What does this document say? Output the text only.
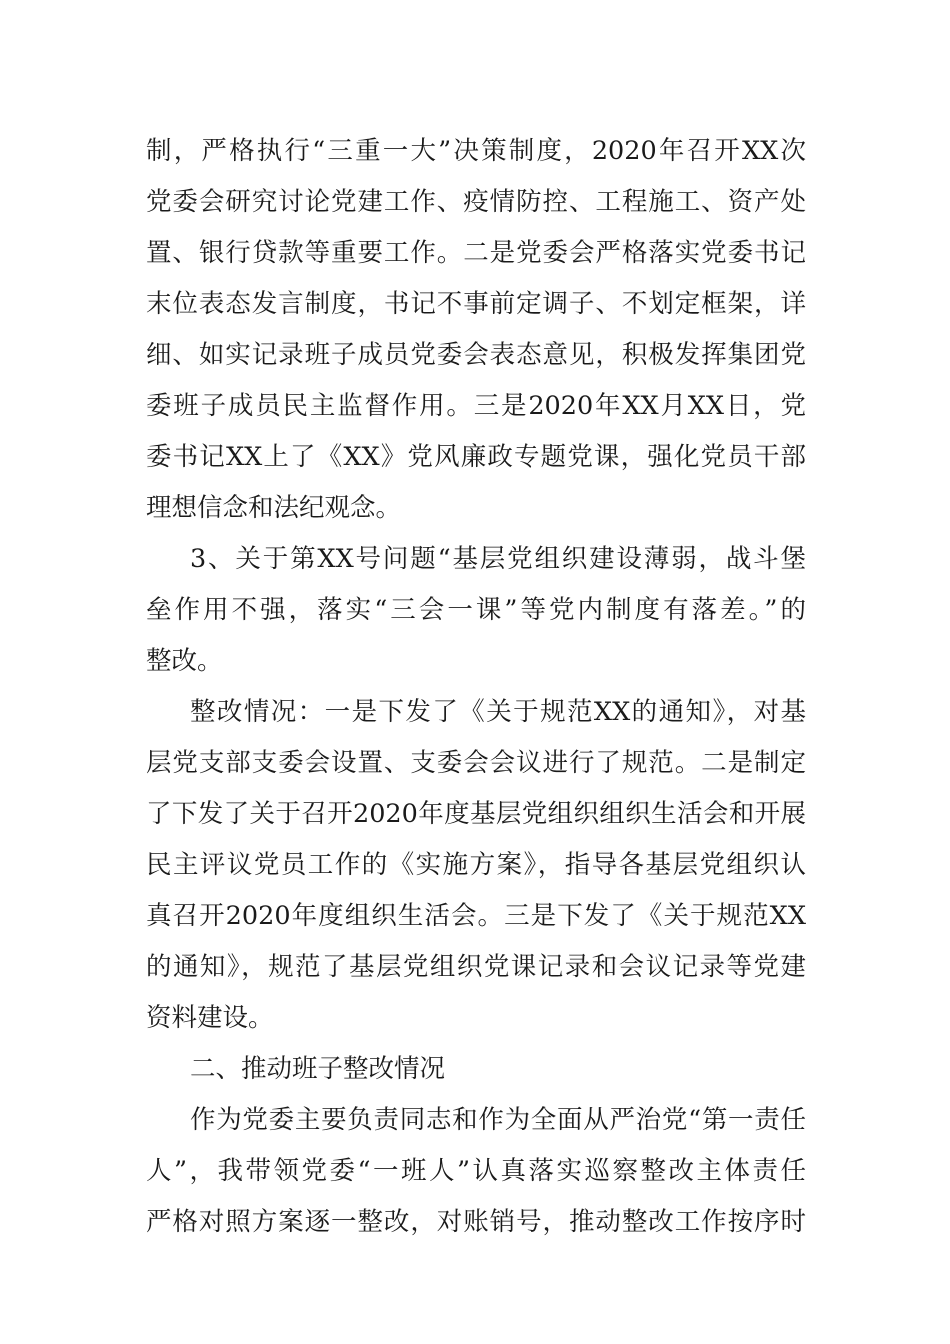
制，严格执行“三重一大”决策制度，2020年召开XX次
党委会研究讨论党建工作、疫情防控、工程施工、资产处
置、银行贷款等重要工作。二是党委会严格落实党委书记
末位表态发言制度，书记不事前定调子、不划定框架，详
细、如实记录班子成员党委会表态意见，积极发挥集团党
委班子成员民主监督作用。三是2020年XX月XX日，党
委书记XX上了《XX》党风廉政专题党课，强化党员干部
理想信念和法纪观念。
3、关于第XX号问题“基层党组织建设薄弱，战斗堡
垒作用不强，落实“三会一课”等党内制度有落差。”的
整改。
整改情况：一是下发了《关于规范XX的通知》，对基
层党支部支委会设置、支委会会议进行了规范。二是制定
了下发了关于召开2020年度基层党组织组织生活会和开展
民主评议党员工作的《实施方案》，指导各基层党组织认
真召开2020年度组织生活会。三是下发了《关于规范XX
的通知》，规范了基层党组织党课记录和会议记录等党建
资料建设。
二、推动班子整改情况
作为党委主要负责同志和作为全面从严治党“第一责任
人”，我带领党委“一班人”认真落实巡察整改主体责任
严格对照方案逐一整改，对账销号，推动整改工作按序时
